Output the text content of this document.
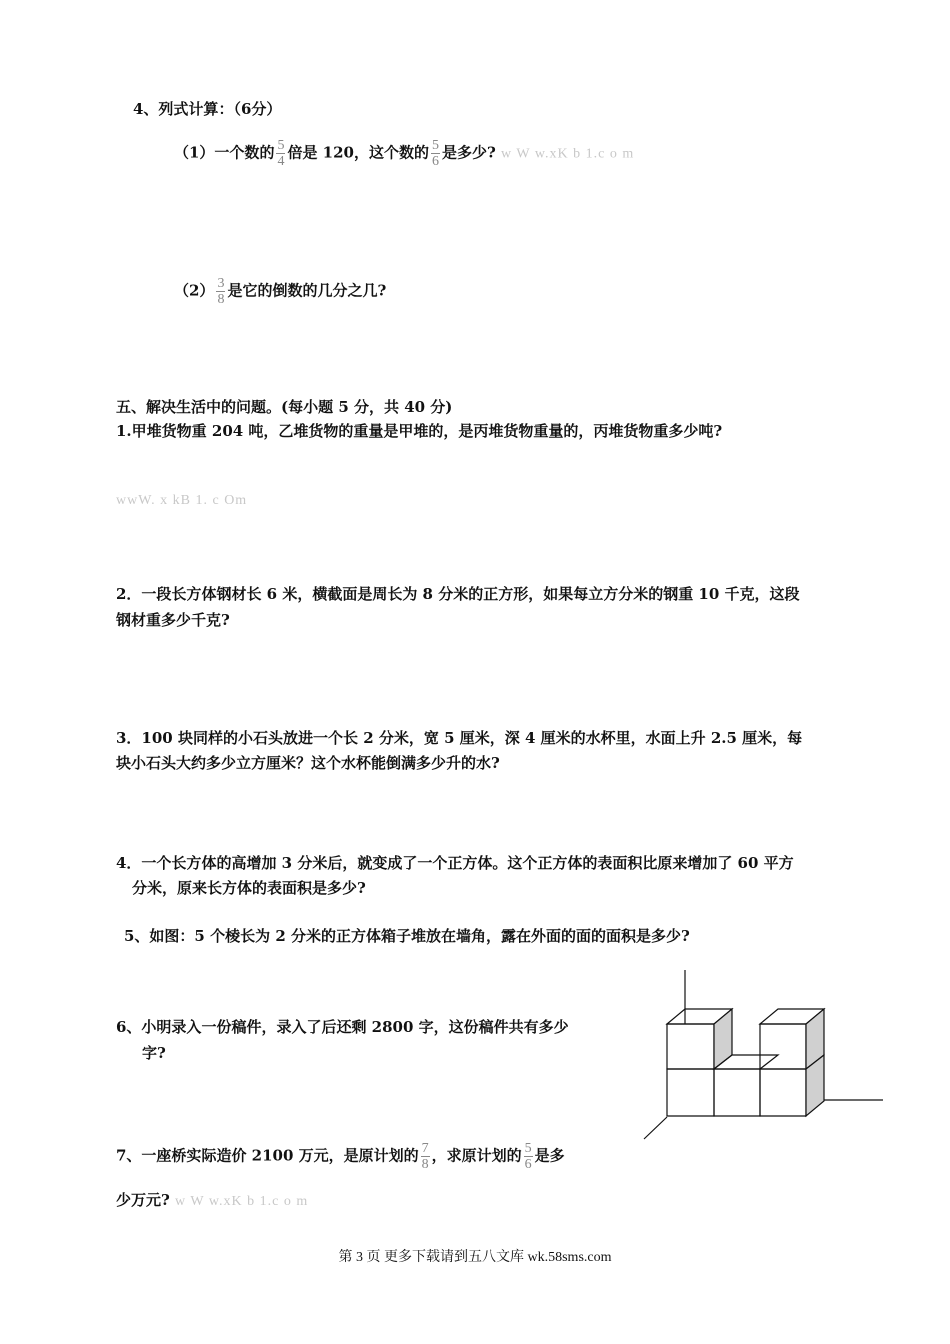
4、列式计算：（6分）
（1）一个数的 $\frac{5}{4}$ 倍是 120，这个数的 $\frac{5}{6}$ 是多少? w W w.xK b 1.c o m
$(2) \frac{3}{8}$ 是它的倒数的几分之几?
五、解决生活中的问题。(每小题 5 分，共 40 分)
1.甲堆货物重 204 吨，乙堆货物的重量是甲堆的，是丙堆货物重量的，丙堆货物重多少吨?
wwW. x kB 1. c Om
2．一段长方体钢材长 6 米，横截面是周长为 8 分米的正方形，如果每立方分米的钢重 10 千克，这段
钢材重多少千克?
3．100 块同样的小石头放进一个长 2 分米，宽 5 厘米，深 4 厘米的水杯里，水面上升 2.5 厘米，每
块小石头大约多少立方厘米？这个水杯能倒满多少升的水?
4．一个长方体的高增加 3 分米后，就变成了一个正方体。这个正方体的表面积比原来增加了 60 平方
分米，原来长方体的表面积是多少?
5、如图：5 个棱长为 2 分米的正方体箱子堆放在墙角，露在外面的面的面积是多少?
6、小明录入一份稿件，录入了后还剩 2800 字，这份稿件共有多少
字?
7、一座桥实际造价 2100 万元，是原计划的 $\frac{7}{8}$ ，求原计划的 $\frac{5}{6}$ 是多
少万元? w W w.xK b 1.c o m
第 3 页 更多下载请到五八文库 wk.58sms.com
